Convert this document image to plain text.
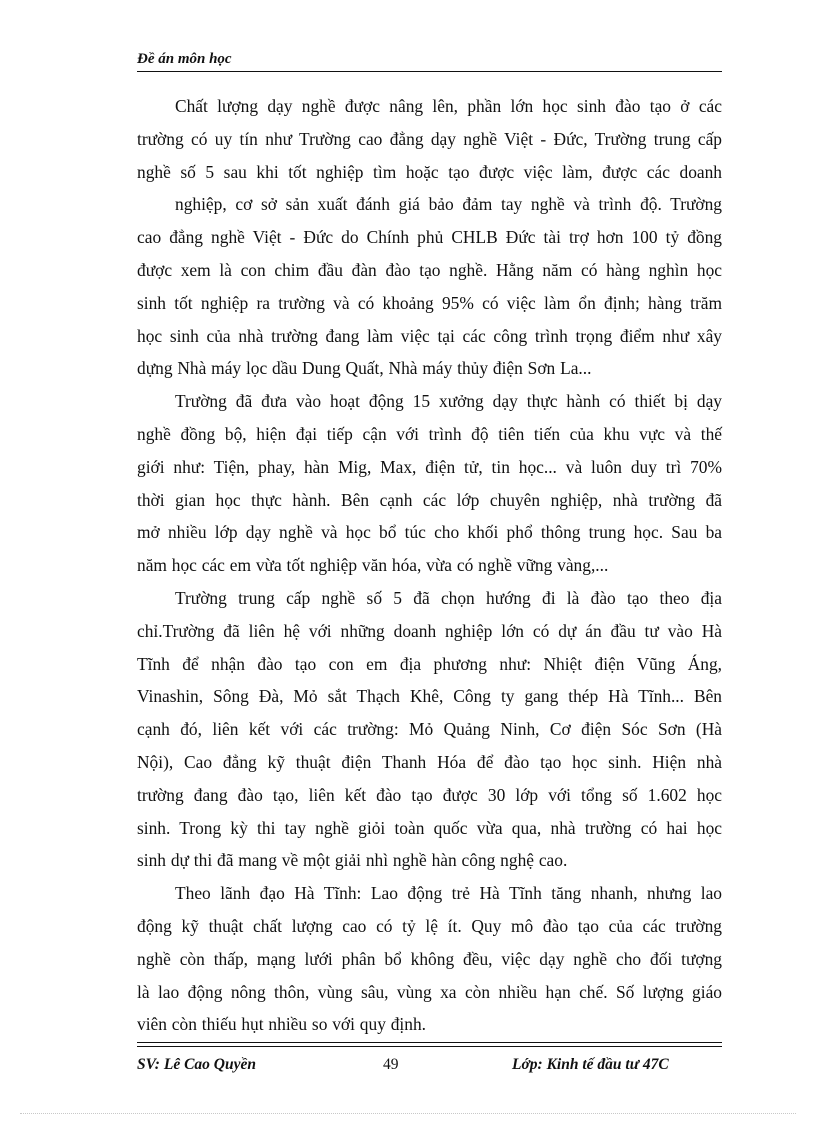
Đề án môn học
Chất lượng dạy nghề được nâng lên, phần lớn học sinh đào tạo ở các
trường có uy tín như Trường cao đẳng dạy nghề Việt - Đức, Trường trung cấp
nghề số 5 sau khi tốt nghiệp tìm hoặc tạo được việc làm, được các doanh
nghiệp, cơ sở sản xuất đánh giá bảo đảm tay nghề và trình độ. Trường
cao đẳng nghề Việt - Đức do Chính phủ CHLB Đức tài trợ hơn 100 tỷ đồng
được xem là con chim đầu đàn đào tạo nghề. Hằng năm có hàng nghìn học
sinh tốt nghiệp ra trường và có khoảng 95% có việc làm ổn định; hàng trăm
học sinh của nhà trường đang làm việc tại các công trình trọng điểm như xây
dựng Nhà máy lọc dầu Dung Quất, Nhà máy thủy điện Sơn La...
Trường đã đưa vào hoạt động 15 xưởng dạy thực hành có thiết bị dạy
nghề đồng bộ, hiện đại tiếp cận với trình độ tiên tiến của khu vực và thế
giới như: Tiện, phay, hàn Mig, Max, điện tử, tin học... và luôn duy trì 70%
thời gian học thực hành. Bên cạnh các lớp chuyên nghiệp, nhà trường đã
mở nhiều lớp dạy nghề và học bổ túc cho khối phổ thông trung học. Sau ba
năm học các em vừa tốt nghiệp văn hóa, vừa có nghề vững vàng,...
Trường trung cấp nghề số 5 đã chọn hướng đi là đào tạo theo địa
chỉ.Trường đã liên hệ với những doanh nghiệp lớn có dự án đầu tư vào Hà
Tĩnh để nhận đào tạo con em địa phương như: Nhiệt điện Vũng Áng,
Vinashin, Sông Đà, Mỏ sắt Thạch Khê, Công ty gang thép Hà Tĩnh... Bên
cạnh đó, liên kết với các trường: Mỏ Quảng Ninh, Cơ điện Sóc Sơn (Hà
Nội), Cao đẳng kỹ thuật điện Thanh Hóa để đào tạo học sinh. Hiện nhà
trường đang đào tạo, liên kết đào tạo được 30 lớp với tổng số 1.602 học
sinh. Trong kỳ thi tay nghề giỏi toàn quốc vừa qua, nhà trường có hai học
sinh dự thi đã mang về một giải nhì nghề hàn công nghệ cao.
Theo lãnh đạo Hà Tĩnh: Lao động trẻ Hà Tĩnh tăng nhanh, nhưng lao
động kỹ thuật chất lượng cao có tỷ lệ ít. Quy mô đào tạo của các trường
nghề còn thấp, mạng lưới phân bổ không đều, việc dạy nghề cho đối tượng
là lao động nông thôn, vùng sâu, vùng xa còn nhiều hạn chế. Số lượng giáo
viên còn thiếu hụt nhiều so với quy định.
SV: Lê Cao Quyền	49	Lớp: Kinh tế đầu tư 47C
